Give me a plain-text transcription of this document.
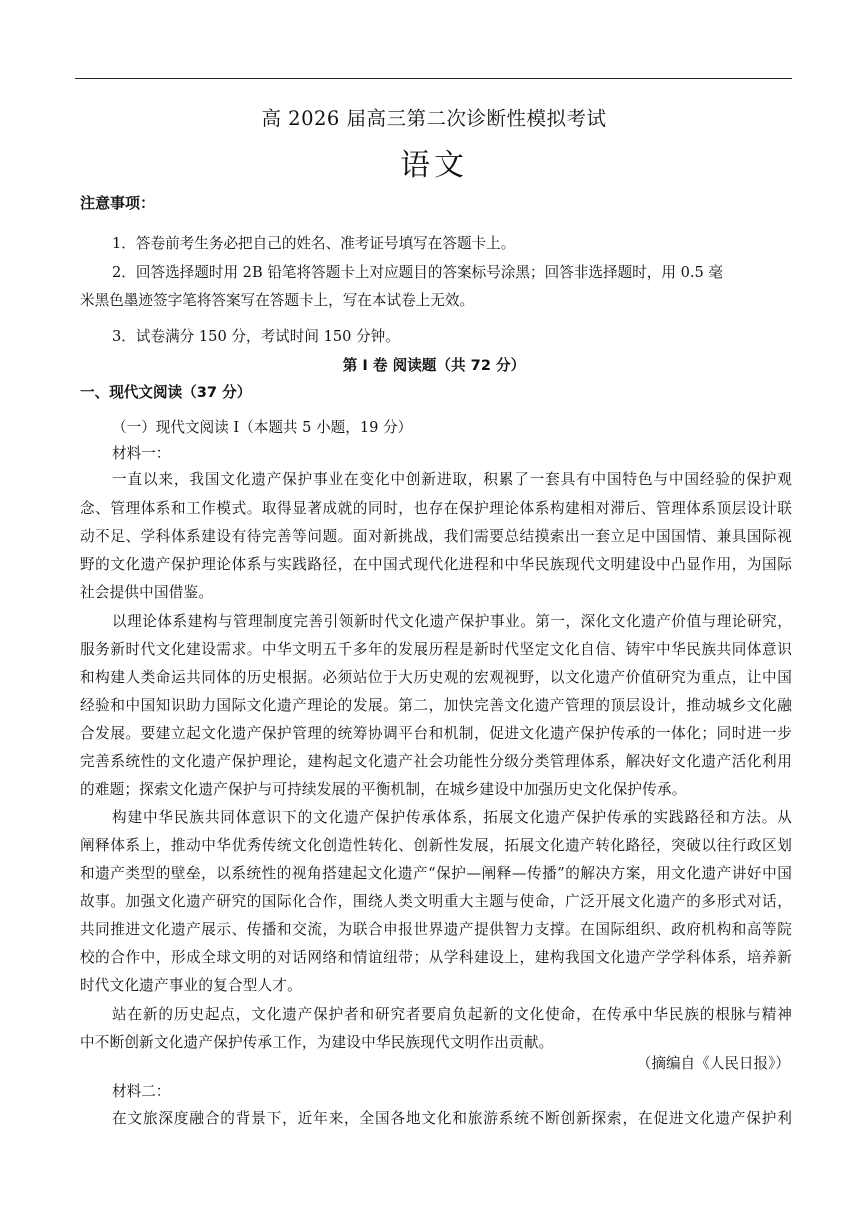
高 2026 届高三第二次诊断性模拟考试
语文
注意事项：
1．答卷前考生务必把自己的姓名、准考证号填写在答题卡上。
2．回答选择题时用 2B 铅笔将答题卡上对应题目的答案标号涂黑；回答非选择题时，用 0.5 毫
米黑色墨迹签字笔将答案写在答题卡上，写在本试卷上无效。
3．试卷满分 150 分，考试时间 150 分钟。
第 I 卷 阅读题（共 72 分）
一、现代文阅读（37 分）
（一）现代文阅读 I（本题共 5 小题，19 分）
材料一：
一直以来，我国文化遗产保护事业在变化中创新进取，积累了一套具有中国特色与中国经验的保护观
念、管理体系和工作模式。取得显著成就的同时，也存在保护理论体系构建相对滞后、管理体系顶层设计联
动不足、学科体系建设有待完善等问题。面对新挑战，我们需要总结摸索出一套立足中国国情、兼具国际视
野的文化遗产保护理论体系与实践路径，在中国式现代化进程和中华民族现代文明建设中凸显作用，为国际
社会提供中国借鉴。
以理论体系建构与管理制度完善引领新时代文化遗产保护事业。第一，深化文化遗产价值与理论研究，
服务新时代文化建设需求。中华文明五千多年的发展历程是新时代坚定文化自信、铸牢中华民族共同体意识
和构建人类命运共同体的历史根据。必须站位于大历史观的宏观视野，以文化遗产价值研究为重点，让中国
经验和中国知识助力国际文化遗产理论的发展。第二，加快完善文化遗产管理的顶层设计，推动城乡文化融
合发展。要建立起文化遗产保护管理的统筹协调平台和机制，促进文化遗产保护传承的一体化；同时进一步
完善系统性的文化遗产保护理论，建构起文化遗产社会功能性分级分类管理体系，解决好文化遗产活化利用
的难题；探索文化遗产保护与可持续发展的平衡机制，在城乡建设中加强历史文化保护传承。
构建中华民族共同体意识下的文化遗产保护传承体系，拓展文化遗产保护传承的实践路径和方法。从
阐释体系上，推动中华优秀传统文化创造性转化、创新性发展，拓展文化遗产转化路径，突破以往行政区划
和遗产类型的壁垒，以系统性的视角搭建起文化遗产“保护—阐释—传播”的解决方案，用文化遗产讲好中国
故事。加强文化遗产研究的国际化合作，围绕人类文明重大主题与使命，广泛开展文化遗产的多形式对话，
共同推进文化遗产展示、传播和交流，为联合申报世界遗产提供智力支撑。在国际组织、政府机构和高等院
校的合作中，形成全球文明的对话网络和情谊纽带；从学科建设上，建构我国文化遗产学学科体系，培养新
时代文化遗产事业的复合型人才。
站在新的历史起点，文化遗产保护者和研究者要肩负起新的文化使命，在传承中华民族的根脉与精神
中不断创新文化遗产保护传承工作，为建设中华民族现代文明作出贡献。
（摘编自《人民日报》）
材料二：
在文旅深度融合的背景下，近年来，全国各地文化和旅游系统不断创新探索，在促进文化遗产保护利
